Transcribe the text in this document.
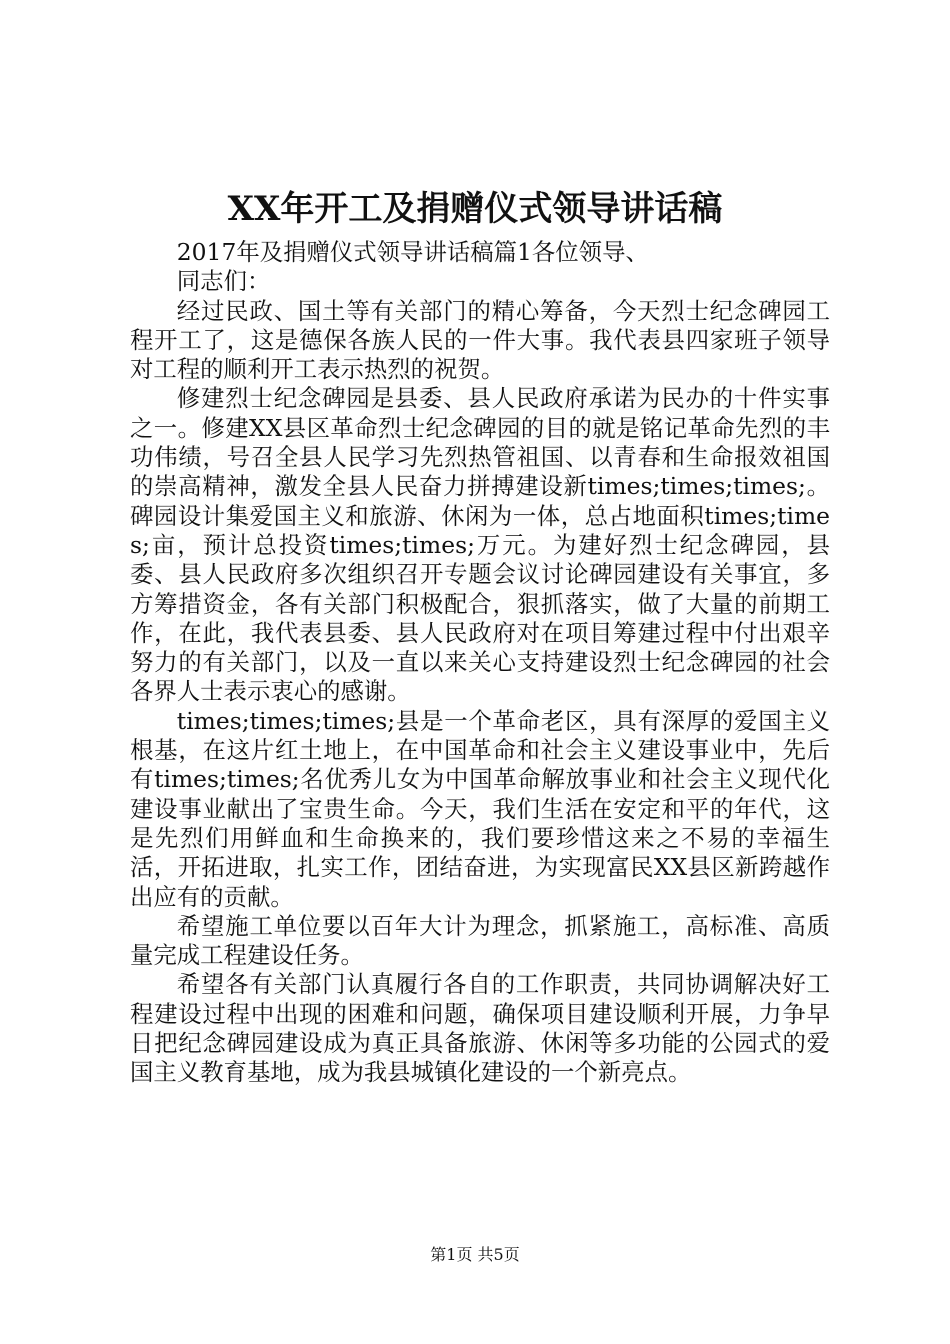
XX年开工及捐赠仪式领导讲话稿

2017年及捐赠仪式领导讲话稿篇1各位领导、

同志们：

经过民政、国土等有关部门的精心筹备，今天烈士纪念碑园工程开工了，这是德保各族人民的一件大事。我代表县四家班子领导对工程的顺利开工表示热烈的祝贺。

修建烈士纪念碑园是县委、县人民政府承诺为民办的十件实事之一。修建XX县区革命烈士纪念碑园的目的就是铭记革命先烈的丰功伟绩，号召全县人民学习先烈热管祖国、以青春和生命报效祖国的崇高精神，激发全县人民奋力拼搏建设新times;times;times;。碑园设计集爱国主义和旅游、休闲为一体，总占地面积times;times;亩，预计总投资times;times;万元。为建好烈士纪念碑园，县委、县人民政府多次组织召开专题会议讨论碑园建设有关事宜，多方筹措资金，各有关部门积极配合，狠抓落实，做了大量的前期工作，在此，我代表县委、县人民政府对在项目筹建过程中付出艰辛努力的有关部门，以及一直以来关心支持建设烈士纪念碑园的社会各界人士表示衷心的感谢。

times;times;times;县是一个革命老区，具有深厚的爱国主义根基，在这片红土地上，在中国革命和社会主义建设事业中，先后有times;times;名优秀儿女为中国革命解放事业和社会主义现代化建设事业献出了宝贵生命。今天，我们生活在安定和平的年代，这是先烈们用鲜血和生命换来的，我们要珍惜这来之不易的幸福生活，开拓进取，扎实工作，团结奋进，为实现富民XX县区新跨越作出应有的贡献。

希望施工单位要以百年大计为理念，抓紧施工，高标准、高质量完成工程建设任务。

希望各有关部门认真履行各自的工作职责，共同协调解决好工程建设过程中出现的困难和问题，确保项目建设顺利开展，力争早日把纪念碑园建设成为真正具备旅游、休闲等多功能的公园式的爱国主义教育基地，成为我县城镇化建设的一个新亮点。

第1页 共5页
